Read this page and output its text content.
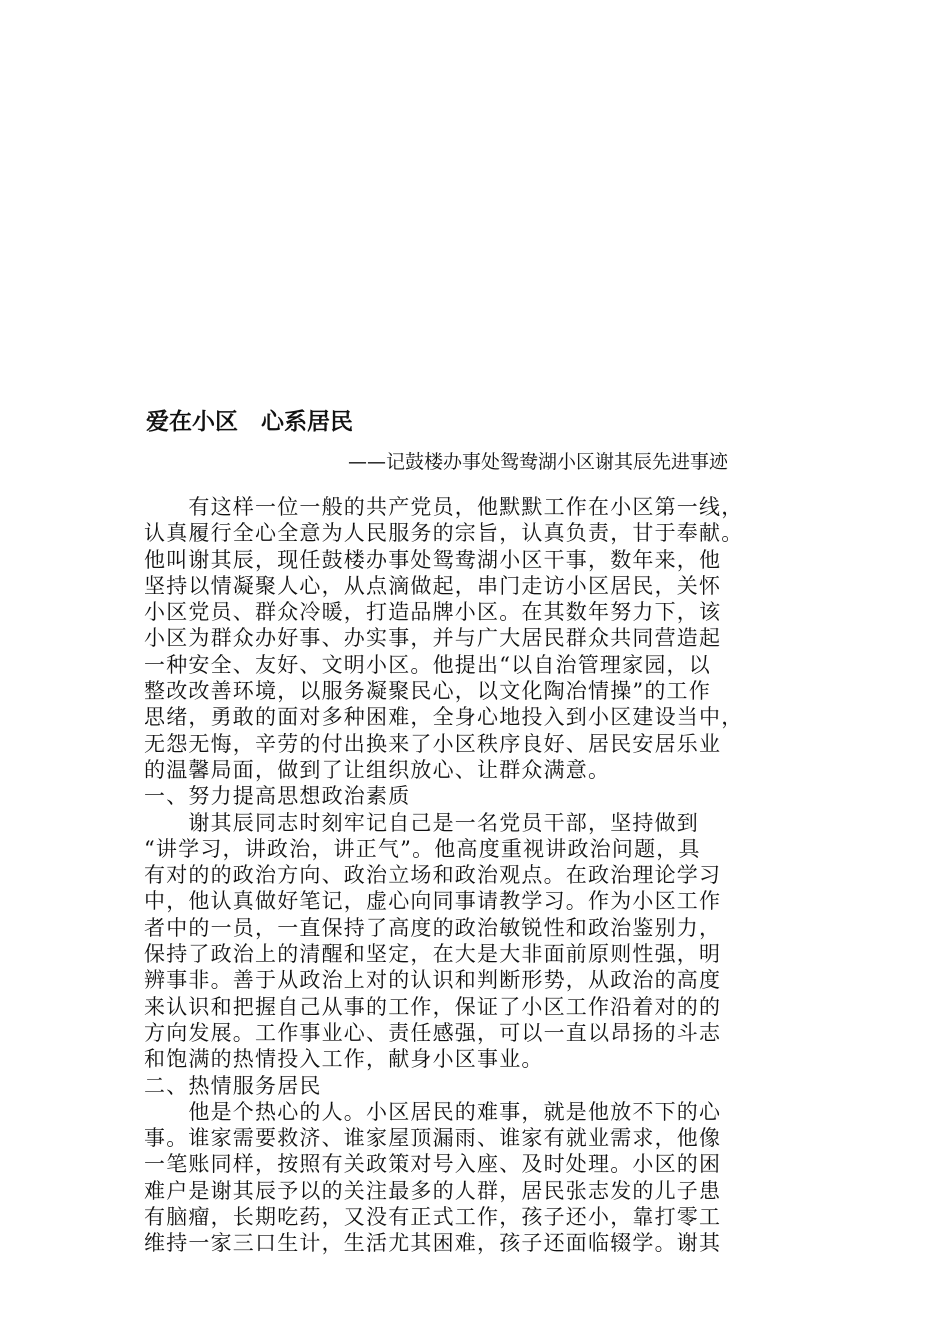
爱在小区　心系居民
——记鼓楼办事处鸳鸯湖小区谢其辰先进事迹
　　有这样一位一般的共产党员，他默默工作在小区第一线，
认真履行全心全意为人民服务的宗旨，认真负责，甘于奉献。
他叫谢其辰，现任鼓楼办事处鸳鸯湖小区干事，数年来，他
坚持以情凝聚人心，从点滴做起，串门走访小区居民，关怀
小区党员、群众冷暖，打造品牌小区。在其数年努力下，该
小区为群众办好事、办实事，并与广大居民群众共同营造起
一种安全、友好、文明小区。他提出“以自治管理家园，以
整改改善环境，以服务凝聚民心，以文化陶冶情操”的工作
思绪，勇敢的面对多种困难，全身心地投入到小区建设当中，
无怨无悔，辛劳的付出换来了小区秩序良好、居民安居乐业
的温馨局面，做到了让组织放心、让群众满意。
一、努力提高思想政治素质
　　谢其辰同志时刻牢记自己是一名党员干部，坚持做到
“讲学习，讲政治，讲正气”。他高度重视讲政治问题，具
有对的的政治方向、政治立场和政治观点。在政治理论学习
中，他认真做好笔记，虚心向同事请教学习。作为小区工作
者中的一员，一直保持了高度的政治敏锐性和政治鉴别力，
保持了政治上的清醒和坚定，在大是大非面前原则性强，明
辨事非。善于从政治上对的认识和判断形势，从政治的高度
来认识和把握自己从事的工作，保证了小区工作沿着对的的
方向发展。工作事业心、责任感强，可以一直以昂扬的斗志
和饱满的热情投入工作，献身小区事业。
二、热情服务居民
　　他是个热心的人。小区居民的难事，就是他放不下的心
事。谁家需要救济、谁家屋顶漏雨、谁家有就业需求，他像
一笔账同样，按照有关政策对号入座、及时处理。小区的困
难户是谢其辰予以的关注最多的人群，居民张志发的儿子患
有脑瘤，长期吃药，又没有正式工作，孩子还小，靠打零工
维持一家三口生计，生活尤其困难，孩子还面临辍学。谢其
